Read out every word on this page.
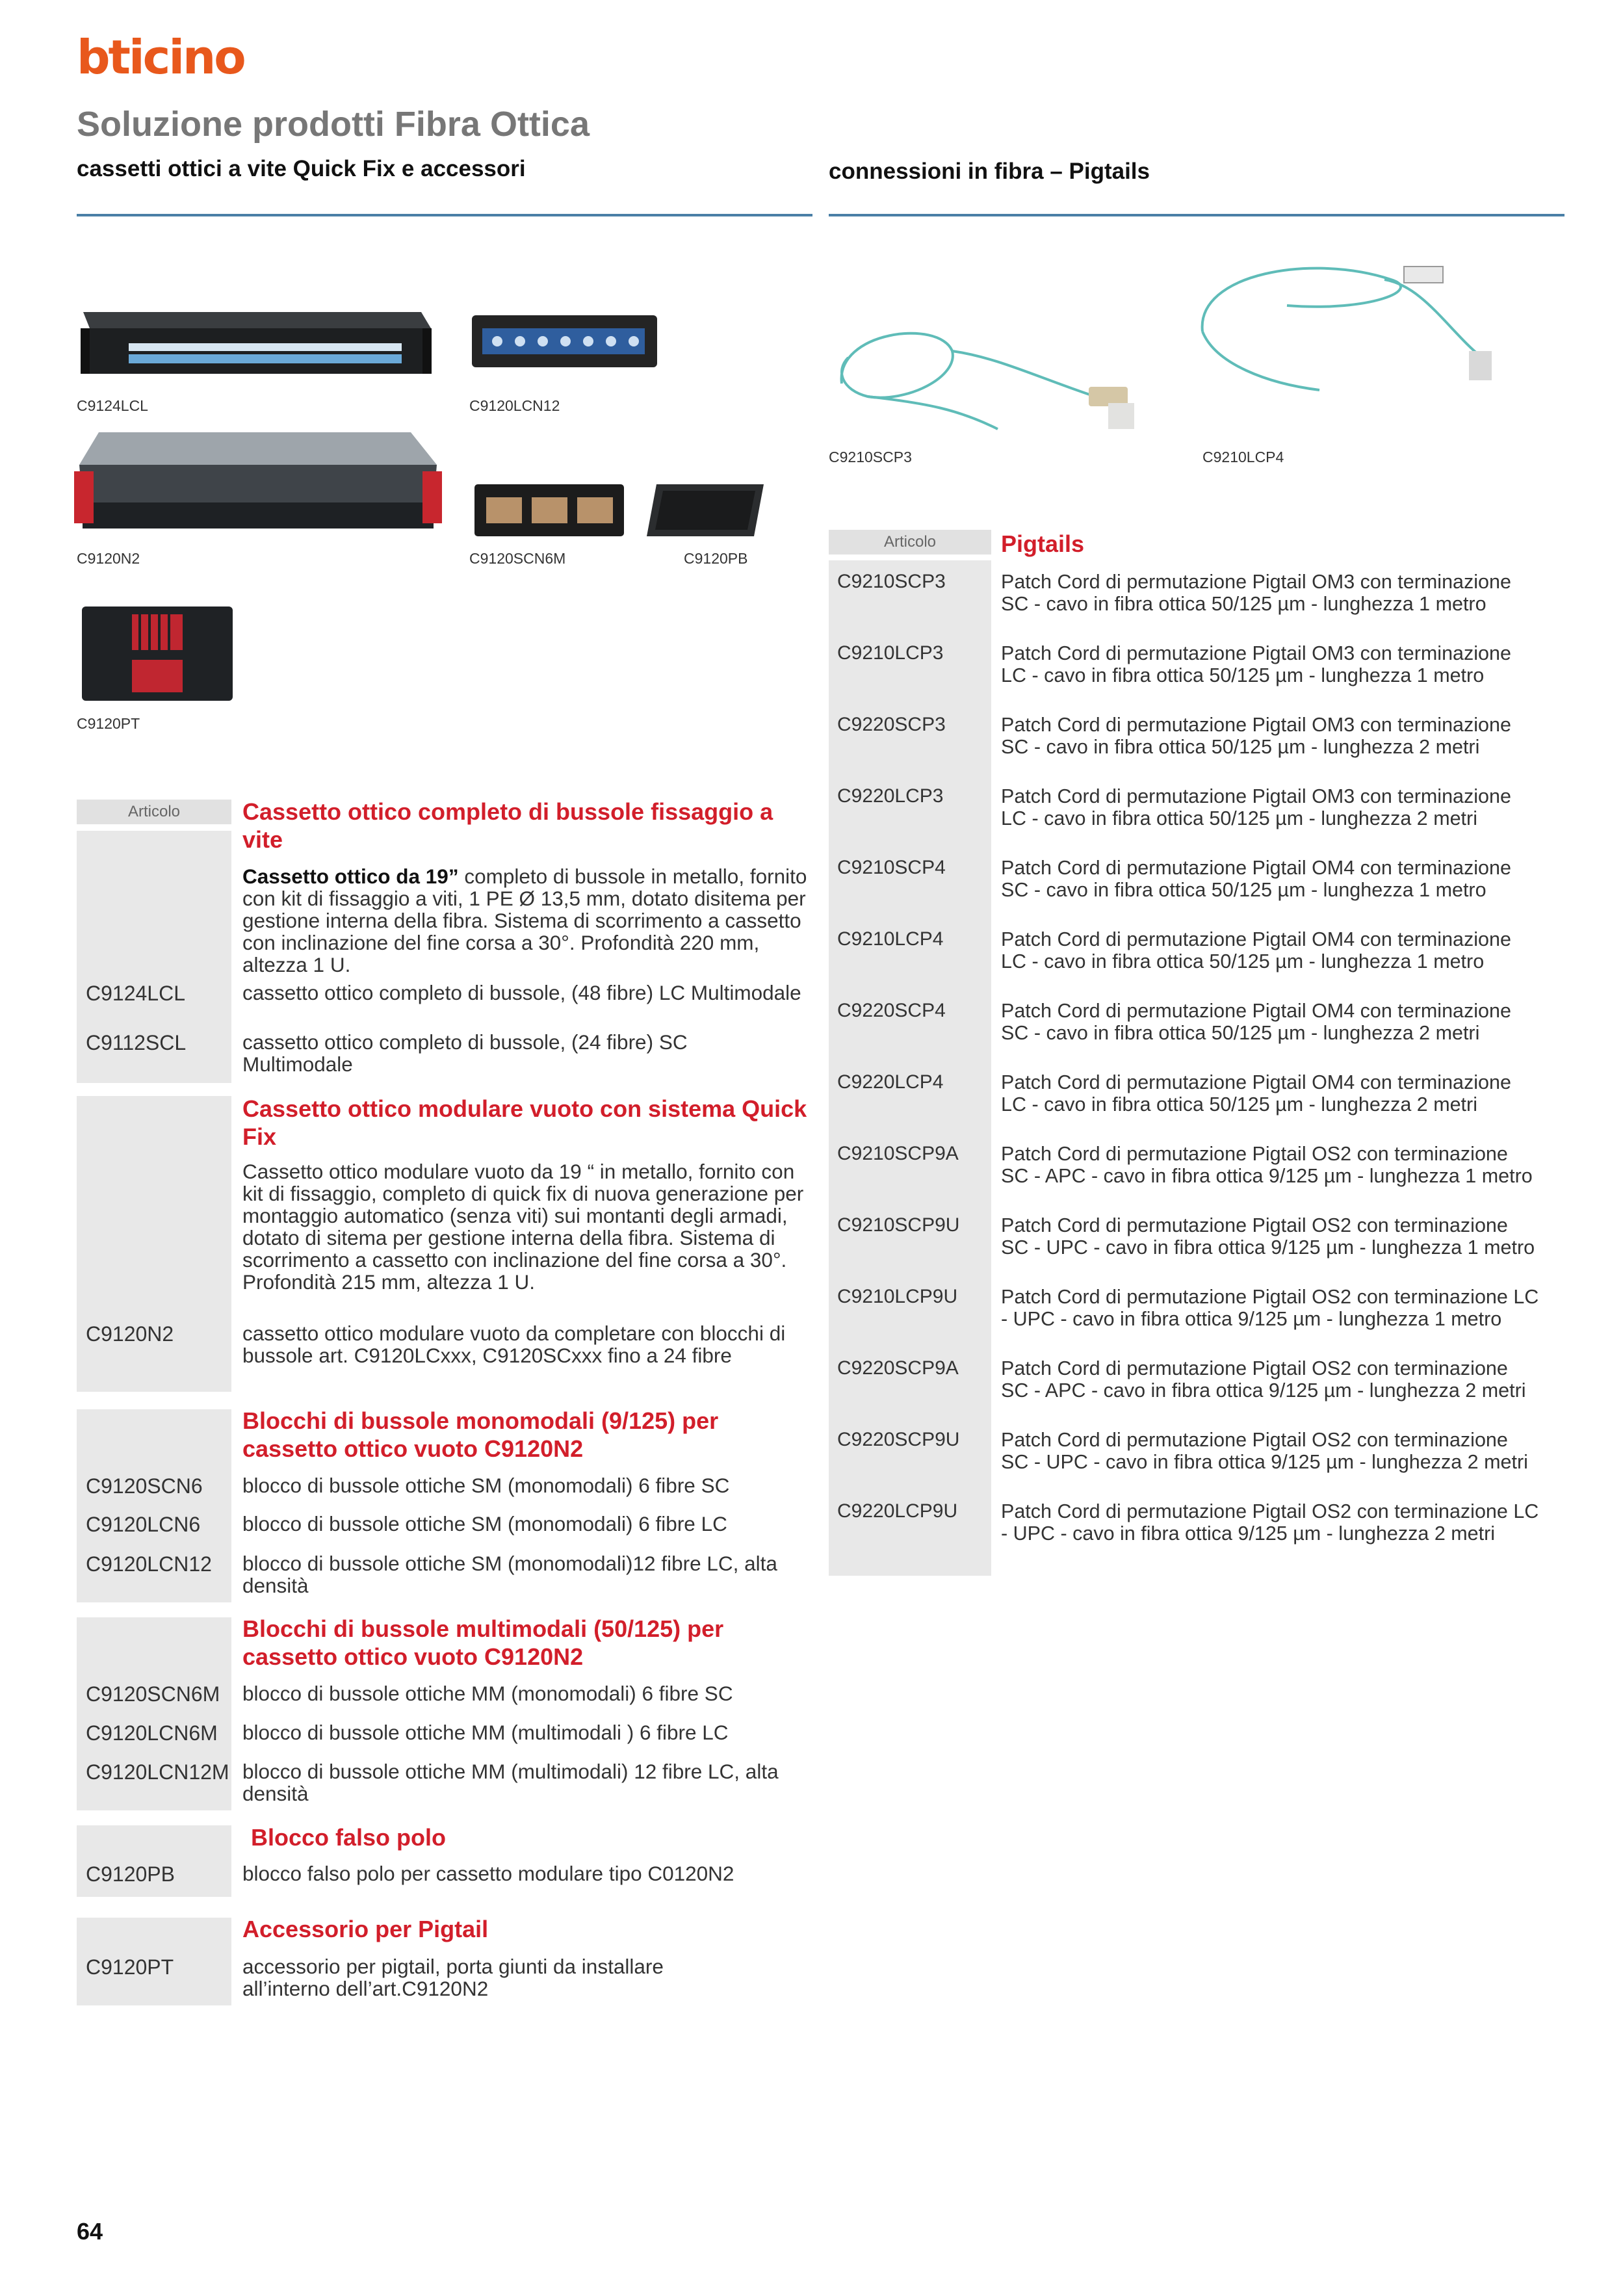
bticino
Soluzione prodotti Fibra Ottica
cassetti ottici a vite Quick Fix e accessori	connessioni in fibra – Pigtails
C9124LCL	C9120LCN12
C9120N2	C9120SCN6M	C9120PB
C9120PT
C9210SCP3	C9210LCP4
Articolo	Cassetto ottico completo di bussole fissaggio a vite
Cassetto ottico da 19” completo di bussole in metallo, fornito con kit di fissaggio a viti, 1 PE Ø 13,5 mm, dotato disitema per gestione interna della fibra. Sistema di scorrimento a cassetto con inclinazione del fine corsa a 30°. Profondità 220 mm, altezza 1 U.
C9124LCL	cassetto ottico completo di bussole, (48 fibre) LC Multimodale
C9112SCL	cassetto ottico completo di bussole, (24 fibre) SC Multimodale
Cassetto ottico modulare vuoto con sistema Quick Fix
Cassetto ottico modulare vuoto da 19 “ in metallo, fornito con kit di fissaggio, completo di quick fix di nuova generazione per montaggio automatico (senza viti) sui montanti degli armadi, dotato di sitema per gestione interna della fibra. Sistema di scorrimento a cassetto con inclinazione del fine corsa a 30°. Profondità 215 mm, altezza 1 U.
C9120N2	cassetto ottico modulare vuoto da completare con blocchi di bussole art. C9120LCxxx, C9120SCxxx fino a 24 fibre
Blocchi di bussole monomodali (9/125) per cassetto ottico vuoto C9120N2
C9120SCN6 blocco di bussole ottiche SM (monomodali) 6 fibre SC
C9120LCN6 blocco di bussole ottiche SM (monomodali) 6 fibre LC
C9120LCN12 blocco di bussole ottiche SM (monomodali)12 fibre LC, alta densità
Blocchi di bussole multimodali (50/125) per cassetto ottico vuoto C9120N2
C9120SCN6M blocco di bussole ottiche MM (monomodali) 6 fibre SC
C9120LCN6M blocco di bussole ottiche MM (multimodali ) 6 fibre LC
C9120LCN12M blocco di bussole ottiche MM (multimodali) 12 fibre LC, alta densità
Blocco falso polo
C9120PB	blocco falso polo per cassetto modulare tipo C0120N2
Accessorio per Pigtail
C9120PT	accessorio per pigtail, porta giunti da installare all’interno dell’art.C9120N2
Articolo	Pigtails
C9210SCP3	Patch Cord di permutazione Pigtail OM3 con terminazione SC - cavo in fibra ottica 50/125 µm - lunghezza 1 metro
C9210LCP3	Patch Cord di permutazione Pigtail OM3 con terminazione LC - cavo in fibra ottica 50/125 µm - lunghezza 1 metro
C9220SCP3	Patch Cord di permutazione Pigtail OM3 con terminazione SC - cavo in fibra ottica 50/125 µm - lunghezza 2 metri
C9220LCP3	Patch Cord di permutazione Pigtail OM3 con terminazione LC - cavo in fibra ottica 50/125 µm - lunghezza 2 metri
C9210SCP4	Patch Cord di permutazione Pigtail OM4 con terminazione SC - cavo in fibra ottica 50/125 µm - lunghezza 1 metro
C9210LCP4	Patch Cord di permutazione Pigtail OM4 con terminazione LC - cavo in fibra ottica 50/125 µm - lunghezza 1 metro
C9220SCP4	Patch Cord di permutazione Pigtail OM4 con terminazione SC - cavo in fibra ottica 50/125 µm - lunghezza 2 metri
C9220LCP4	Patch Cord di permutazione Pigtail OM4 con terminazione LC - cavo in fibra ottica 50/125 µm - lunghezza 2 metri
C9210SCP9A Patch Cord di permutazione Pigtail OS2 con terminazione SC - APC - cavo in fibra ottica 9/125 µm - lunghezza 1 metro
C9210SCP9U Patch Cord di permutazione Pigtail OS2 con terminazione SC - UPC - cavo in fibra ottica 9/125 µm - lunghezza 1 metro
C9210LCP9U Patch Cord di permutazione Pigtail OS2 con terminazione LC - UPC - cavo in fibra ottica 9/125 µm - lunghezza 1 metro
C9220SCP9A Patch Cord di permutazione Pigtail OS2 con terminazione SC - APC - cavo in fibra ottica 9/125 µm - lunghezza 2 metri
C9220SCP9U Patch Cord di permutazione Pigtail OS2 con terminazione SC - UPC - cavo in fibra ottica 9/125 µm - lunghezza 2 metri
C9220LCP9U Patch Cord di permutazione Pigtail OS2 con terminazione LC - UPC - cavo in fibra ottica 9/125 µm - lunghezza 2 metri
64
